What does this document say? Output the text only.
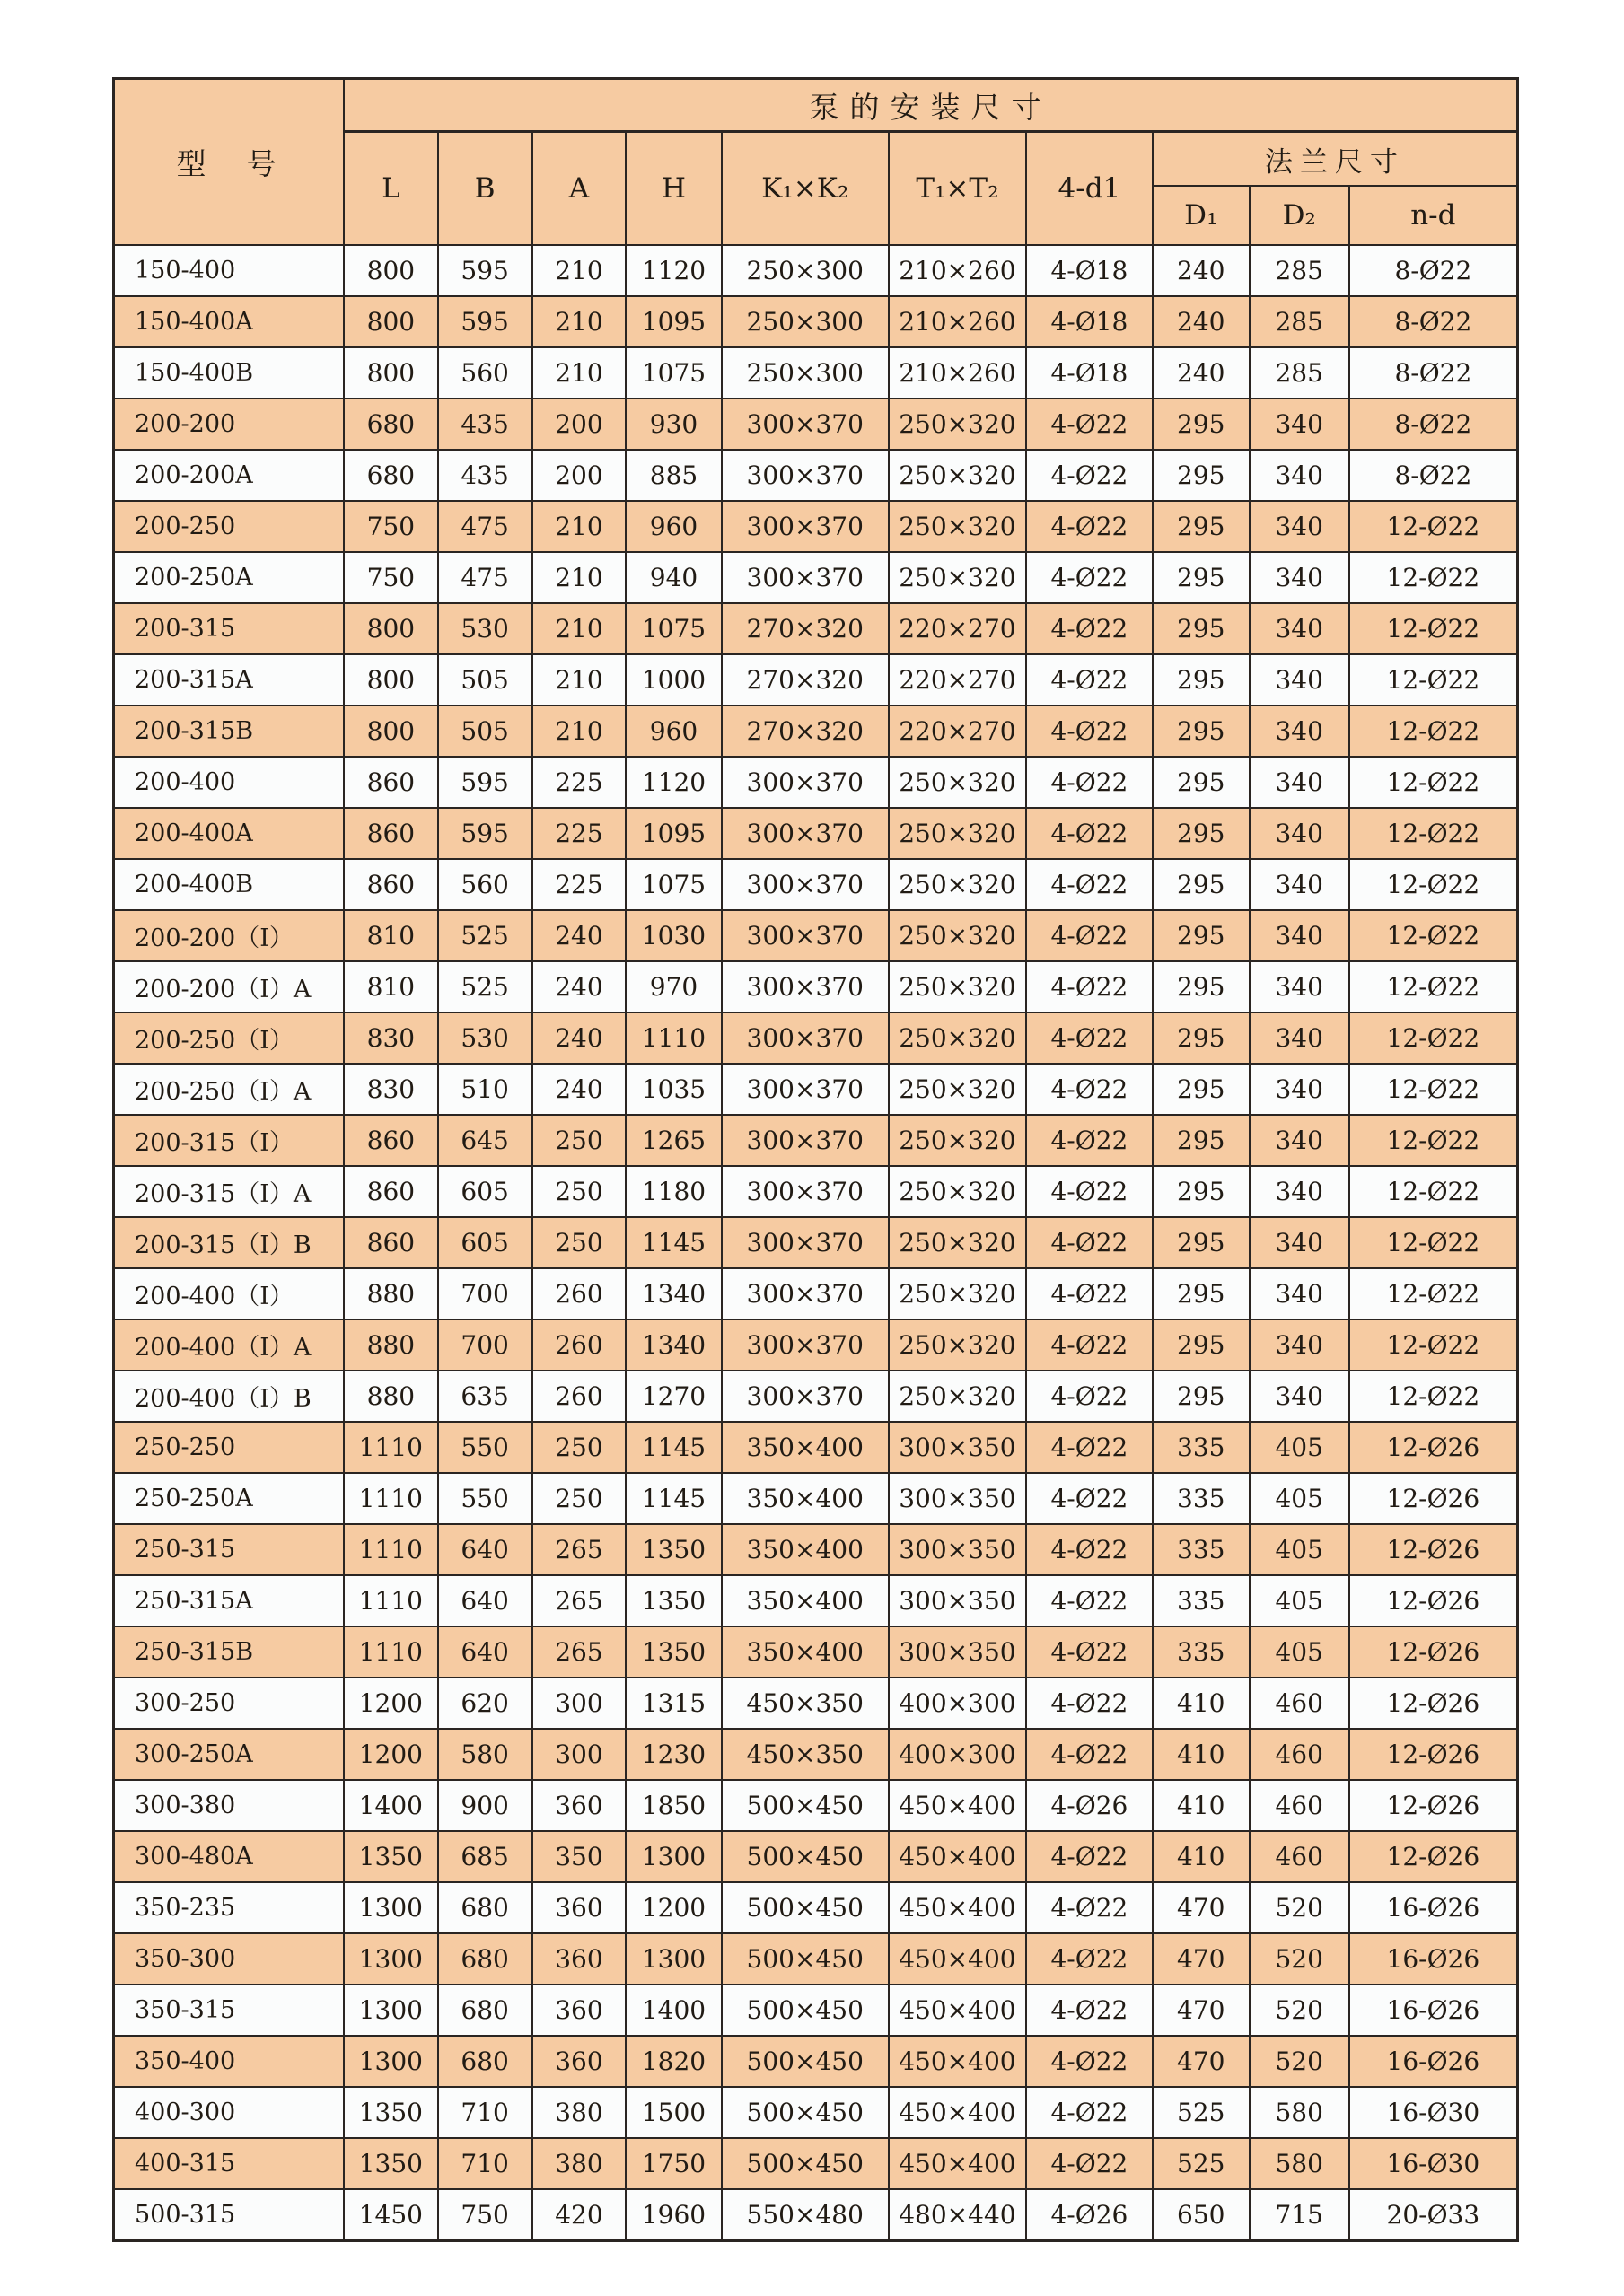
型　号	泵的安装尺寸									
	L	B	A	H	K₁×K₂	T₁×T₂	4-d1	法兰尺寸		
								D₁	D₂	n-d
150-400	800	595	210	1120	250×300	210×260	4-Ø18	240	285	8-Ø22
150-400A	800	595	210	1095	250×300	210×260	4-Ø18	240	285	8-Ø22
150-400B	800	560	210	1075	250×300	210×260	4-Ø18	240	285	8-Ø22
200-200	680	435	200	930	300×370	250×320	4-Ø22	295	340	8-Ø22
200-200A	680	435	200	885	300×370	250×320	4-Ø22	295	340	8-Ø22
200-250	750	475	210	960	300×370	250×320	4-Ø22	295	340	12-Ø22
200-250A	750	475	210	940	300×370	250×320	4-Ø22	295	340	12-Ø22
200-315	800	530	210	1075	270×320	220×270	4-Ø22	295	340	12-Ø22
200-315A	800	505	210	1000	270×320	220×270	4-Ø22	295	340	12-Ø22
200-315B	800	505	210	960	270×320	220×270	4-Ø22	295	340	12-Ø22
200-400	860	595	225	1120	300×370	250×320	4-Ø22	295	340	12-Ø22
200-400A	860	595	225	1095	300×370	250×320	4-Ø22	295	340	12-Ø22
200-400B	860	560	225	1075	300×370	250×320	4-Ø22	295	340	12-Ø22
200-200（I）	810	525	240	1030	300×370	250×320	4-Ø22	295	340	12-Ø22
200-200（I）A	810	525	240	970	300×370	250×320	4-Ø22	295	340	12-Ø22
200-250（I）	830	530	240	1110	300×370	250×320	4-Ø22	295	340	12-Ø22
200-250（I）A	830	510	240	1035	300×370	250×320	4-Ø22	295	340	12-Ø22
200-315（I）	860	645	250	1265	300×370	250×320	4-Ø22	295	340	12-Ø22
200-315（I）A	860	605	250	1180	300×370	250×320	4-Ø22	295	340	12-Ø22
200-315（I）B	860	605	250	1145	300×370	250×320	4-Ø22	295	340	12-Ø22
200-400（I）	880	700	260	1340	300×370	250×320	4-Ø22	295	340	12-Ø22
200-400（I）A	880	700	260	1340	300×370	250×320	4-Ø22	295	340	12-Ø22
200-400（I）B	880	635	260	1270	300×370	250×320	4-Ø22	295	340	12-Ø22
250-250	1110	550	250	1145	350×400	300×350	4-Ø22	335	405	12-Ø26
250-250A	1110	550	250	1145	350×400	300×350	4-Ø22	335	405	12-Ø26
250-315	1110	640	265	1350	350×400	300×350	4-Ø22	335	405	12-Ø26
250-315A	1110	640	265	1350	350×400	300×350	4-Ø22	335	405	12-Ø26
250-315B	1110	640	265	1350	350×400	300×350	4-Ø22	335	405	12-Ø26
300-250	1200	620	300	1315	450×350	400×300	4-Ø22	410	460	12-Ø26
300-250A	1200	580	300	1230	450×350	400×300	4-Ø22	410	460	12-Ø26
300-380	1400	900	360	1850	500×450	450×400	4-Ø26	410	460	12-Ø26
300-480A	1350	685	350	1300	500×450	450×400	4-Ø22	410	460	12-Ø26
350-235	1300	680	360	1200	500×450	450×400	4-Ø22	470	520	16-Ø26
350-300	1300	680	360	1300	500×450	450×400	4-Ø22	470	520	16-Ø26
350-315	1300	680	360	1400	500×450	450×400	4-Ø22	470	520	16-Ø26
350-400	1300	680	360	1820	500×450	450×400	4-Ø22	470	520	16-Ø26
400-300	1350	710	380	1500	500×450	450×400	4-Ø22	525	580	16-Ø30
400-315	1350	710	380	1750	500×450	450×400	4-Ø22	525	580	16-Ø30
500-315	1450	750	420	1960	550×480	480×440	4-Ø26	650	715	20-Ø33
